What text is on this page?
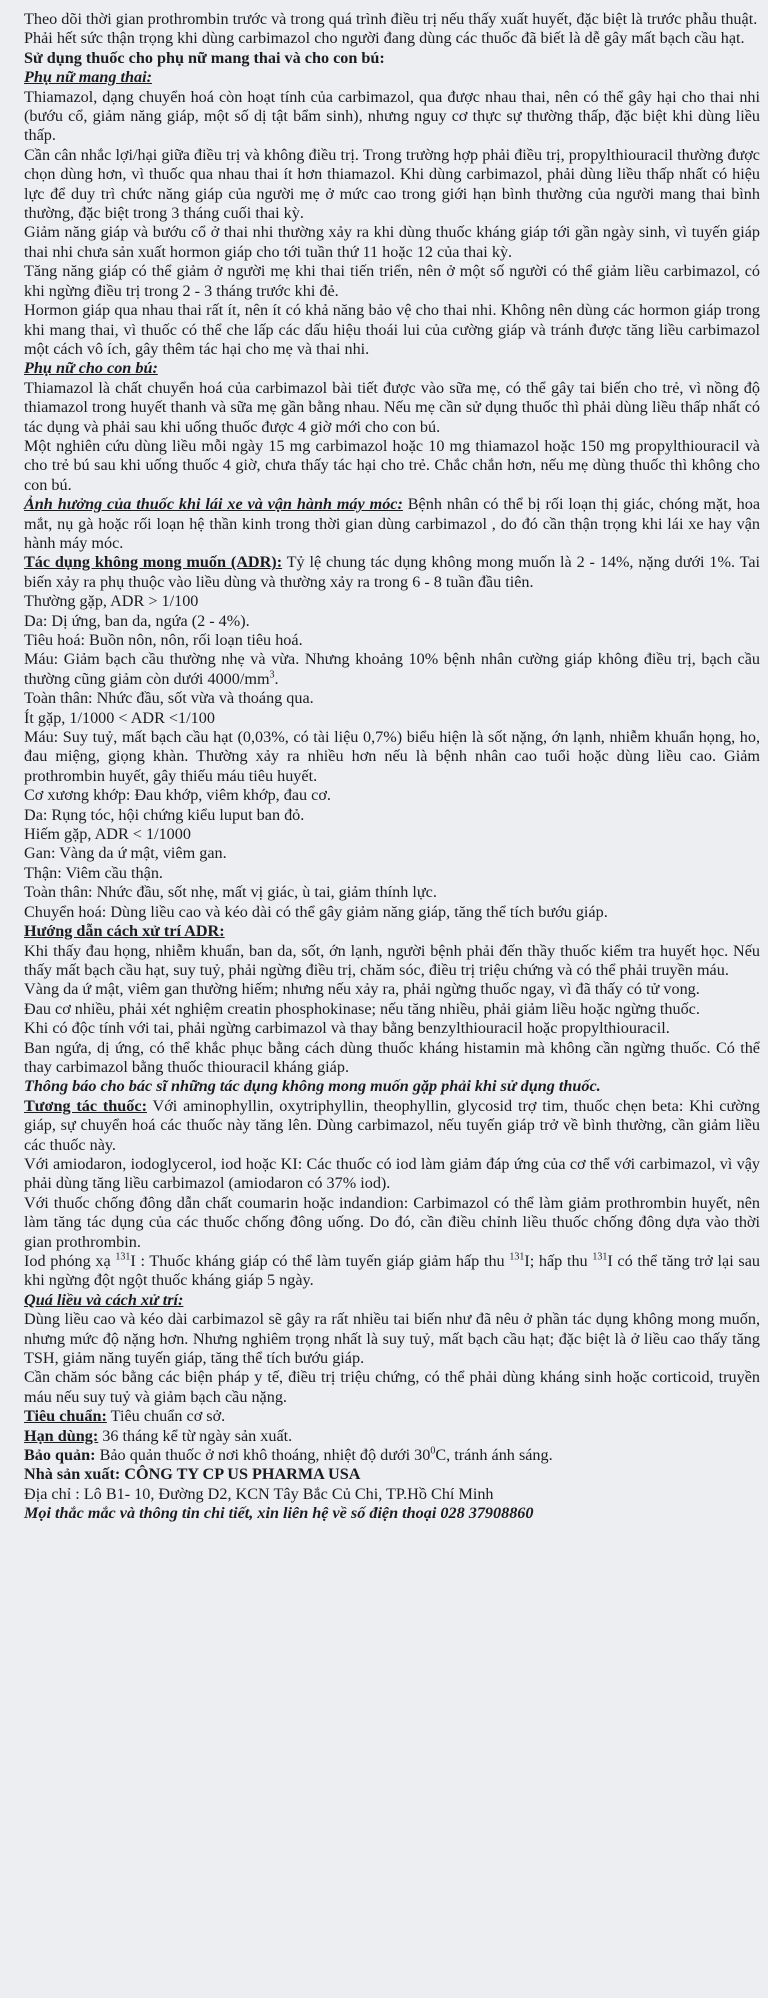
Theo dõi thời gian prothrombin trước và trong quá trình điều trị nếu thấy xuất huyết, đặc biệt là trước phẫu thuật.

Phải hết sức thận trọng khi dùng carbimazol cho người đang dùng các thuốc đã biết là dễ gây mất bạch cầu hạt.

Sử dụng thuốc cho phụ nữ mang thai và cho con bú:

Phụ nữ mang thai:

Thiamazol, dạng chuyển hoá còn hoạt tính của carbimazol, qua được nhau thai, nên có thể gây hại cho thai nhi (bướu cổ, giảm năng giáp, một số dị tật bẩm sinh), nhưng nguy cơ thực sự thường thấp, đặc biệt khi dùng liều thấp.

Cần cân nhắc lợi/hại giữa điều trị và không điều trị. Trong trường hợp phải điều trị, propylthiouracil thường được chọn dùng hơn, vì thuốc qua nhau thai ít hơn thiamazol. Khi dùng carbimazol, phải dùng liều thấp nhất có hiệu lực để duy trì chức năng giáp của người mẹ ở mức cao trong giới hạn bình thường của người mang thai bình thường, đặc biệt trong 3 tháng cuối thai kỳ.

Giảm năng giáp và bướu cổ ở thai nhi thường xảy ra khi dùng thuốc kháng giáp tới gần ngày sinh, vì tuyến giáp thai nhi chưa sản xuất hormon giáp cho tới tuần thứ 11 hoặc 12 của thai kỳ.

Tăng năng giáp có thể giảm ở người mẹ khi thai tiến triển, nên ở một số người có thể giảm liều carbimazol, có khi ngừng điều trị trong 2 - 3 tháng trước khi đẻ.

Hormon giáp qua nhau thai rất ít, nên ít có khả năng bảo vệ cho thai nhi. Không nên dùng các hormon giáp trong khi mang thai, vì thuốc có thể che lấp các dấu hiệu thoái lui của cường giáp và tránh được tăng liều carbimazol một cách vô ích, gây thêm tác hại cho mẹ và thai nhi.

Phụ nữ cho con bú:

Thiamazol là chất chuyển hoá của carbimazol bài tiết được vào sữa mẹ, có thể gây tai biến cho trẻ, vì nồng độ thiamazol trong huyết thanh và sữa mẹ gần bằng nhau. Nếu mẹ cần sử dụng thuốc thì phải dùng liều thấp nhất có tác dụng và phải sau khi uống thuốc được 4 giờ mới cho con bú.

Một nghiên cứu dùng liều mỗi ngày 15 mg carbimazol hoặc 10 mg thiamazol hoặc 150 mg propylthiouracil và cho trẻ bú sau khi uống thuốc 4 giờ, chưa thấy tác hại cho trẻ. Chắc chắn hơn, nếu mẹ dùng thuốc thì không cho con bú.

Ảnh hưởng của thuốc khi lái xe và vận hành máy móc: Bệnh nhân có thể bị rối loạn thị giác, chóng mặt, hoa mắt, nụ gà hoặc rối loạn hệ thần kinh trong thời gian dùng carbimazol , do đó cần thận trọng khi lái xe hay vận hành máy móc.

Tác dụng không mong muốn (ADR): Tỷ lệ chung tác dụng không mong muốn là 2 - 14%, nặng dưới 1%. Tai biến xảy ra phụ thuộc vào liều dùng và thường xảy ra trong 6 - 8 tuần đầu tiên.

Thường gặp, ADR > 1/100

Da: Dị ứng, ban da, ngứa (2 - 4%).

Tiêu hoá: Buồn nôn, nôn, rối loạn tiêu hoá.

Máu: Giảm bạch cầu thường nhẹ và vừa. Nhưng khoảng 10% bệnh nhân cường giáp không điều trị, bạch cầu thường cũng giảm còn dưới $4000/mm^3$.

Toàn thân: Nhức đầu, sốt vừa và thoáng qua.

Ít gặp, 1/1000 < ADR <1/100

Máu: Suy tuỷ, mất bạch cầu hạt (0,03%, có tài liệu 0,7%) biểu hiện là sốt nặng, ớn lạnh, nhiễm khuẩn họng, ho, đau miệng, giọng khàn. Thường xảy ra nhiều hơn nếu là bệnh nhân cao tuổi hoặc dùng liều cao. Giảm prothrombin huyết, gây thiếu máu tiêu huyết.

Cơ xương khớp: Đau khớp, viêm khớp, đau cơ.

Da: Rụng tóc, hội chứng kiểu luput ban đỏ.

Hiếm gặp, ADR < 1/1000

Gan: Vàng da ứ mật, viêm gan.

Thận: Viêm cầu thận.

Toàn thân: Nhức đầu, sốt nhẹ, mất vị giác, ù tai, giảm thính lực.

Chuyển hoá: Dùng liều cao và kéo dài có thể gây giảm năng giáp, tăng thể tích bướu giáp.

Hướng dẫn cách xử trí ADR:

Khi thấy đau họng, nhiễm khuẩn, ban da, sốt, ớn lạnh, người bệnh phải đến thầy thuốc kiểm tra huyết học. Nếu thấy mất bạch cầu hạt, suy tuỷ, phải ngừng điều trị, chăm sóc, điều trị triệu chứng và có thể phải truyền máu.

Vàng da ứ mật, viêm gan thường hiếm; nhưng nếu xảy ra, phải ngừng thuốc ngay, vì đã thấy có tử vong.

Đau cơ nhiều, phải xét nghiệm creatin phosphokinase; nếu tăng nhiều, phải giảm liều hoặc ngừng thuốc.

Khi có độc tính với tai, phải ngừng carbimazol và thay bằng benzylthiouracil hoặc propylthiouracil.

Ban ngứa, dị ứng, có thể khắc phục bằng cách dùng thuốc kháng histamin mà không cần ngừng thuốc. Có thể thay carbimazol bằng thuốc thiouracil kháng giáp.

Thông báo cho bác sĩ những tác dụng không mong muốn gặp phải khi sử dụng thuốc.

Tương tác thuốc: Với aminophyllin, oxytriphyllin, theophyllin, glycosid trợ tim, thuốc chẹn beta: Khi cường giáp, sự chuyển hoá các thuốc này tăng lên. Dùng carbimazol, nếu tuyến giáp trở về bình thường, cần giảm liều các thuốc này.

Với amiodaron, iodoglycerol, iod hoặc KI: Các thuốc có iod làm giảm đáp ứng của cơ thể với carbimazol, vì vậy phải dùng tăng liều carbimazol (amiodaron có 37% iod).

Với thuốc chống đông dẫn chất coumarin hoặc indandion: Carbimazol có thể làm giảm prothrombin huyết, nên làm tăng tác dụng của các thuốc chống đông uống. Do đó, cần điều chỉnh liều thuốc chống đông dựa vào thời gian prothrombin.

Iod phóng xạ $^{131}$I : Thuốc kháng giáp có thể làm tuyến giáp giảm hấp thu $^{131}$I; hấp thu $^{131}$I có thể tăng trở lại sau khi ngừng đột ngột thuốc kháng giáp 5 ngày.

Quá liều và cách xử trí:

Dùng liều cao và kéo dài carbimazol sẽ gây ra rất nhiều tai biến như đã nêu ở phần tác dụng không mong muốn, nhưng mức độ nặng hơn. Nhưng nghiêm trọng nhất là suy tuỷ, mất bạch cầu hạt; đặc biệt là ở liều cao thấy tăng TSH, giảm năng tuyến giáp, tăng thể tích bướu giáp.

Cần chăm sóc bằng các biện pháp y tế, điều trị triệu chứng, có thể phải dùng kháng sinh hoặc corticoid, truyền máu nếu suy tuỷ và giảm bạch cầu nặng.

Tiêu chuẩn: Tiêu chuẩn cơ sở.

Hạn dùng: 36 tháng kể từ ngày sản xuất.

Bảo quản: Bảo quản thuốc ở nơi khô thoáng, nhiệt độ dưới $30^0C$, tránh ánh sáng.

Nhà sản xuất: CÔNG TY CP US PHARMA USA

Địa chỉ : Lô B1- 10, Đường D2, KCN Tây Bắc Củ Chi, TP.Hồ Chí Minh

Mọi thắc mắc và thông tin chi tiết, xin liên hệ về số điện thoại 028 37908860
